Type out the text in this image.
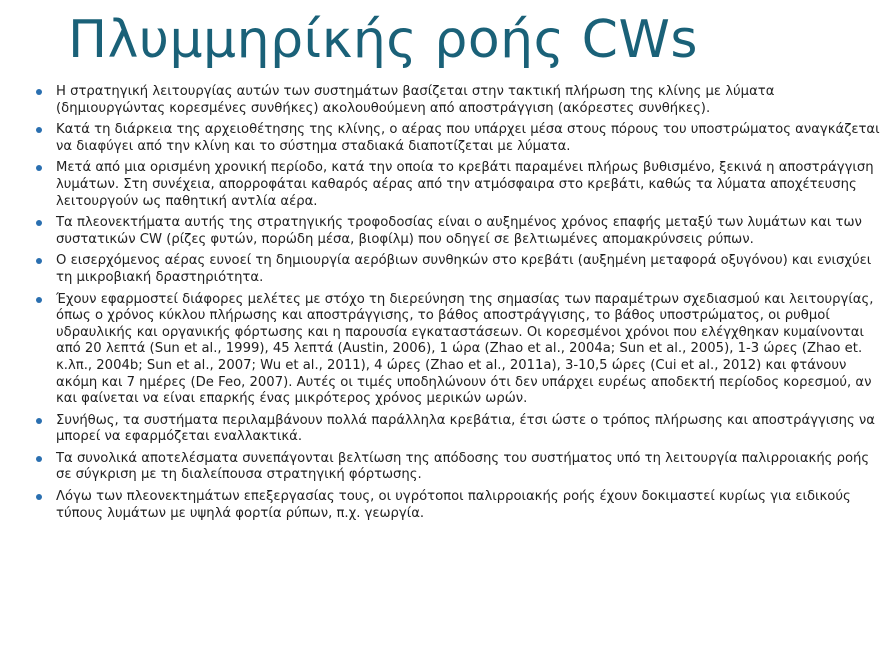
Πλυμμηρίκής ροής CWs
Η στρατηγική λειτουργίας αυτών των συστημάτων βασίζεται στην τακτική πλήρωση της κλίνης με λύματα (δημιουργώντας κορεσμένες συνθήκες) ακολουθούμενη από αποστράγγιση (ακόρεστες συνθήκες).
Κατά τη διάρκεια της αρχειοθέτησης της κλίνης, ο αέρας που υπάρχει μέσα στους πόρους του υποστρώματος αναγκάζεται να διαφύγει από την κλίνη και το σύστημα σταδιακά διαποτίζεται με λύματα.
Μετά από μια ορισμένη χρονική περίοδο, κατά την οποία το κρεβάτι παραμένει πλήρως βυθισμένο, ξεκινά η αποστράγγιση λυμάτων. Στη συνέχεια, απορροφάται καθαρός αέρας από την ατμόσφαιρα στο κρεβάτι, καθώς τα λύματα αποχέτευσης λειτουργούν ως παθητική αντλία αέρα.
Τα πλεονεκτήματα αυτής της στρατηγικής τροφοδοσίας είναι ο αυξημένος χρόνος επαφής μεταξύ των λυμάτων και των συστατικών CW (ρίζες φυτών, πορώδη μέσα, βιοφίλμ) που οδηγεί σε βελτιωμένες απομακρύνσεις ρύπων.
Ο εισερχόμενος αέρας ευνοεί τη δημιουργία αερόβιων συνθηκών στο κρεβάτι (αυξημένη μεταφορά οξυγόνου) και ενισχύει τη μικροβιακή δραστηριότητα.
Έχουν εφαρμοστεί διάφορες μελέτες με στόχο τη διερεύνηση της σημασίας των παραμέτρων σχεδιασμού και λειτουργίας, όπως ο χρόνος κύκλου πλήρωσης και αποστράγγισης, το βάθος αποστράγγισης, το βάθος υποστρώματος, οι ρυθμοί υδραυλικής και οργανικής φόρτωσης και η παρουσία εγκαταστάσεων. Οι κορεσμένοι χρόνοι που ελέγχθηκαν κυμαίνονται από 20 λεπτά (Sun et al., 1999), 45 λεπτά (Austin, 2006), 1 ώρα (Zhao et al., 2004a; Sun et al., 2005), 1-3 ώρες (Zhao et. κ.λπ., 2004b; Sun et al., 2007; Wu et al., 2011), 4 ώρες (Zhao et al., 2011a), 3-10,5 ώρες (Cui et al., 2012) και φτάνουν ακόμη και 7 ημέρες (De Feo, 2007). Αυτές οι τιμές υποδηλώνουν ότι δεν υπάρχει ευρέως αποδεκτή περίοδος κορεσμού, αν και φαίνεται να είναι επαρκής ένας μικρότερος χρόνος μερικών ωρών.
Συνήθως, τα συστήματα περιλαμβάνουν πολλά παράλληλα κρεβάτια, έτσι ώστε ο τρόπος πλήρωσης και αποστράγγισης να μπορεί να εφαρμόζεται εναλλακτικά.
Τα συνολικά αποτελέσματα συνεπάγονται βελτίωση της απόδοσης του συστήματος υπό τη λειτουργία παλιρροιακής ροής σε σύγκριση με τη διαλείπουσα στρατηγική φόρτωσης.
Λόγω των πλεονεκτημάτων επεξεργασίας τους, οι υγρότοποι παλιρροιακής ροής έχουν δοκιμαστεί κυρίως για ειδικούς τύπους λυμάτων με υψηλά φορτία ρύπων, π.χ. γεωργία.
